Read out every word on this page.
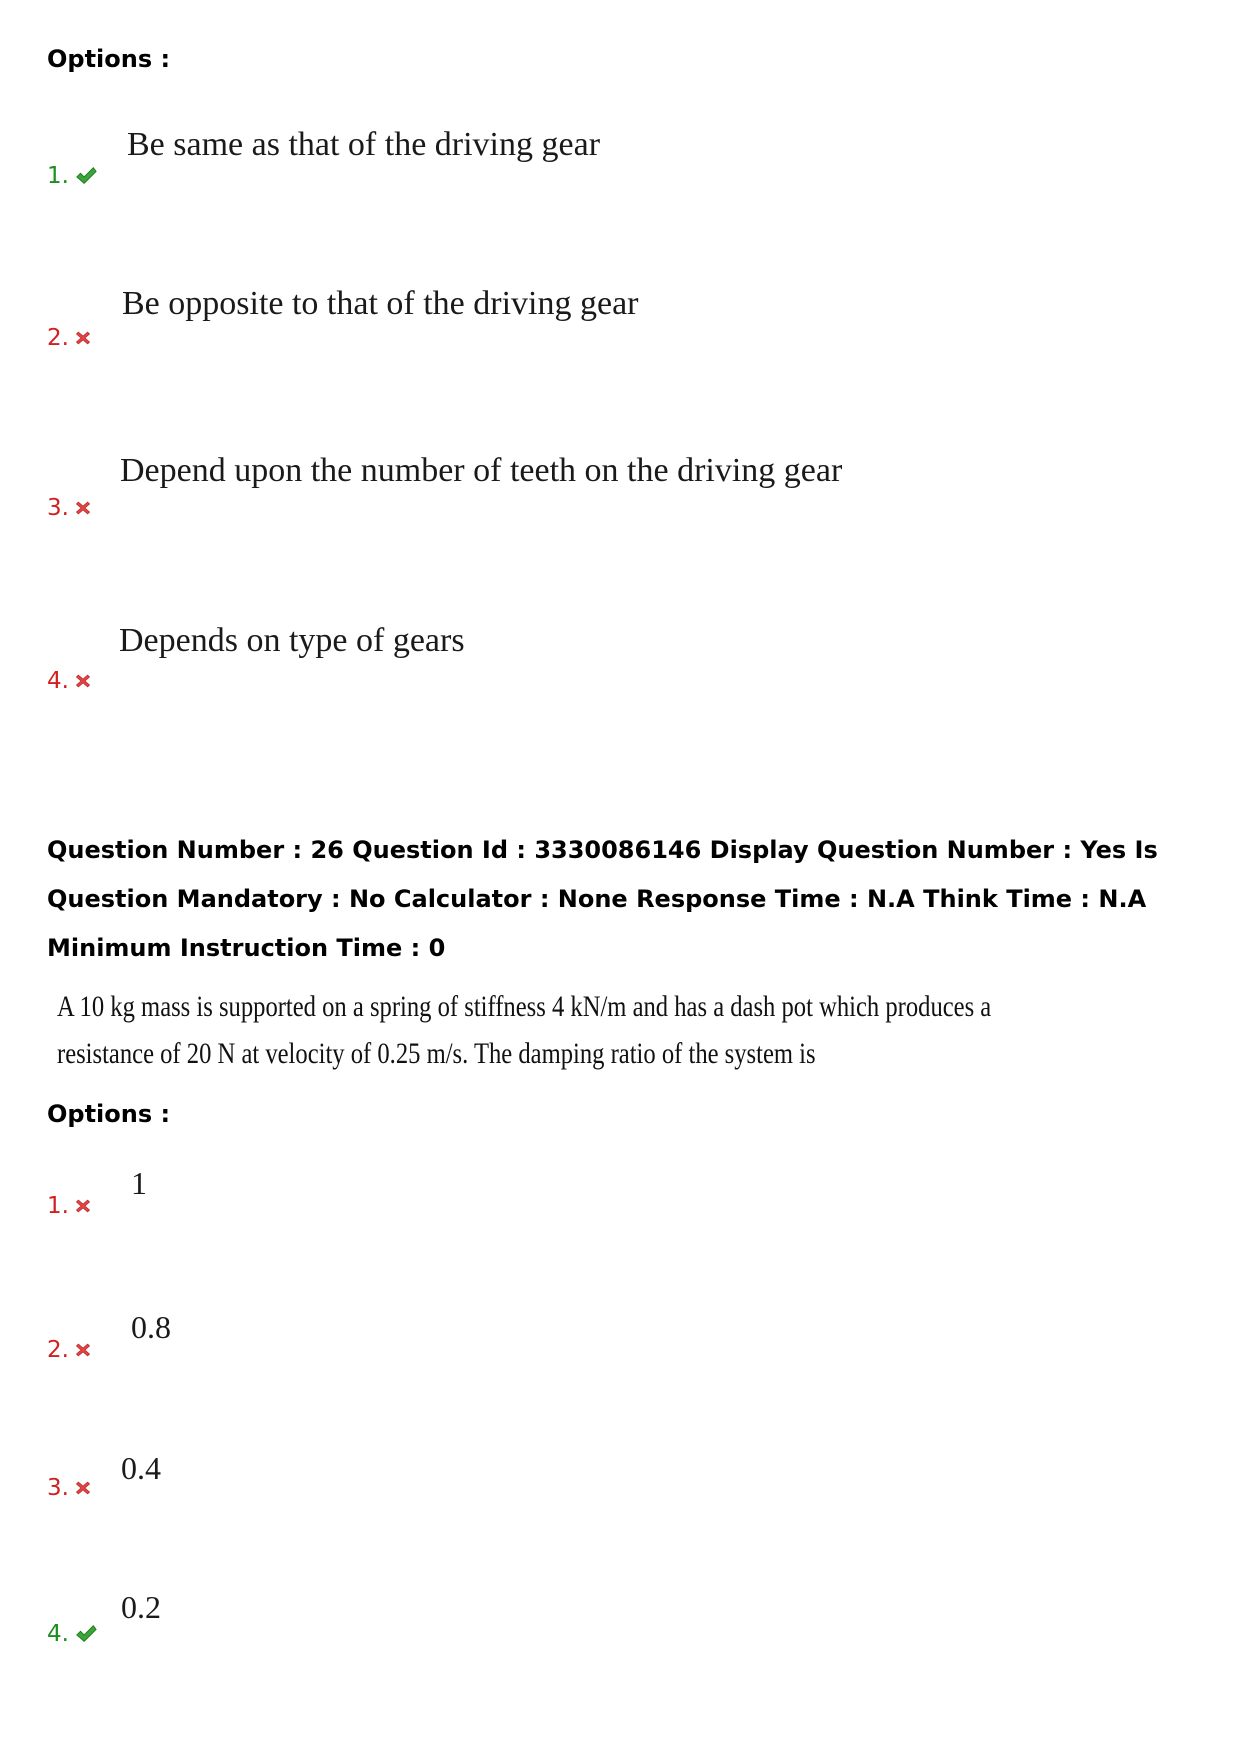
Options :
1.
Be same as that of the driving gear
2.
Be opposite to that of the driving gear
3.
Depend upon the number of teeth on the driving gear
4.
Depends on type of gears
Question Number : 26 Question Id : 3330086146 Display Question Number : Yes Is Question Mandatory : No Calculator : None Response Time : N.A Think Time : N.A Minimum Instruction Time : 0
A 10 kg mass is supported on a spring of stiffness 4 kN/m and has a dash pot which produces a
resistance of 20 N at velocity of 0.25 m/s. The damping ratio of the system is
Options :
1.
1
2.
0.8
3.
0.4
4.
0.2
